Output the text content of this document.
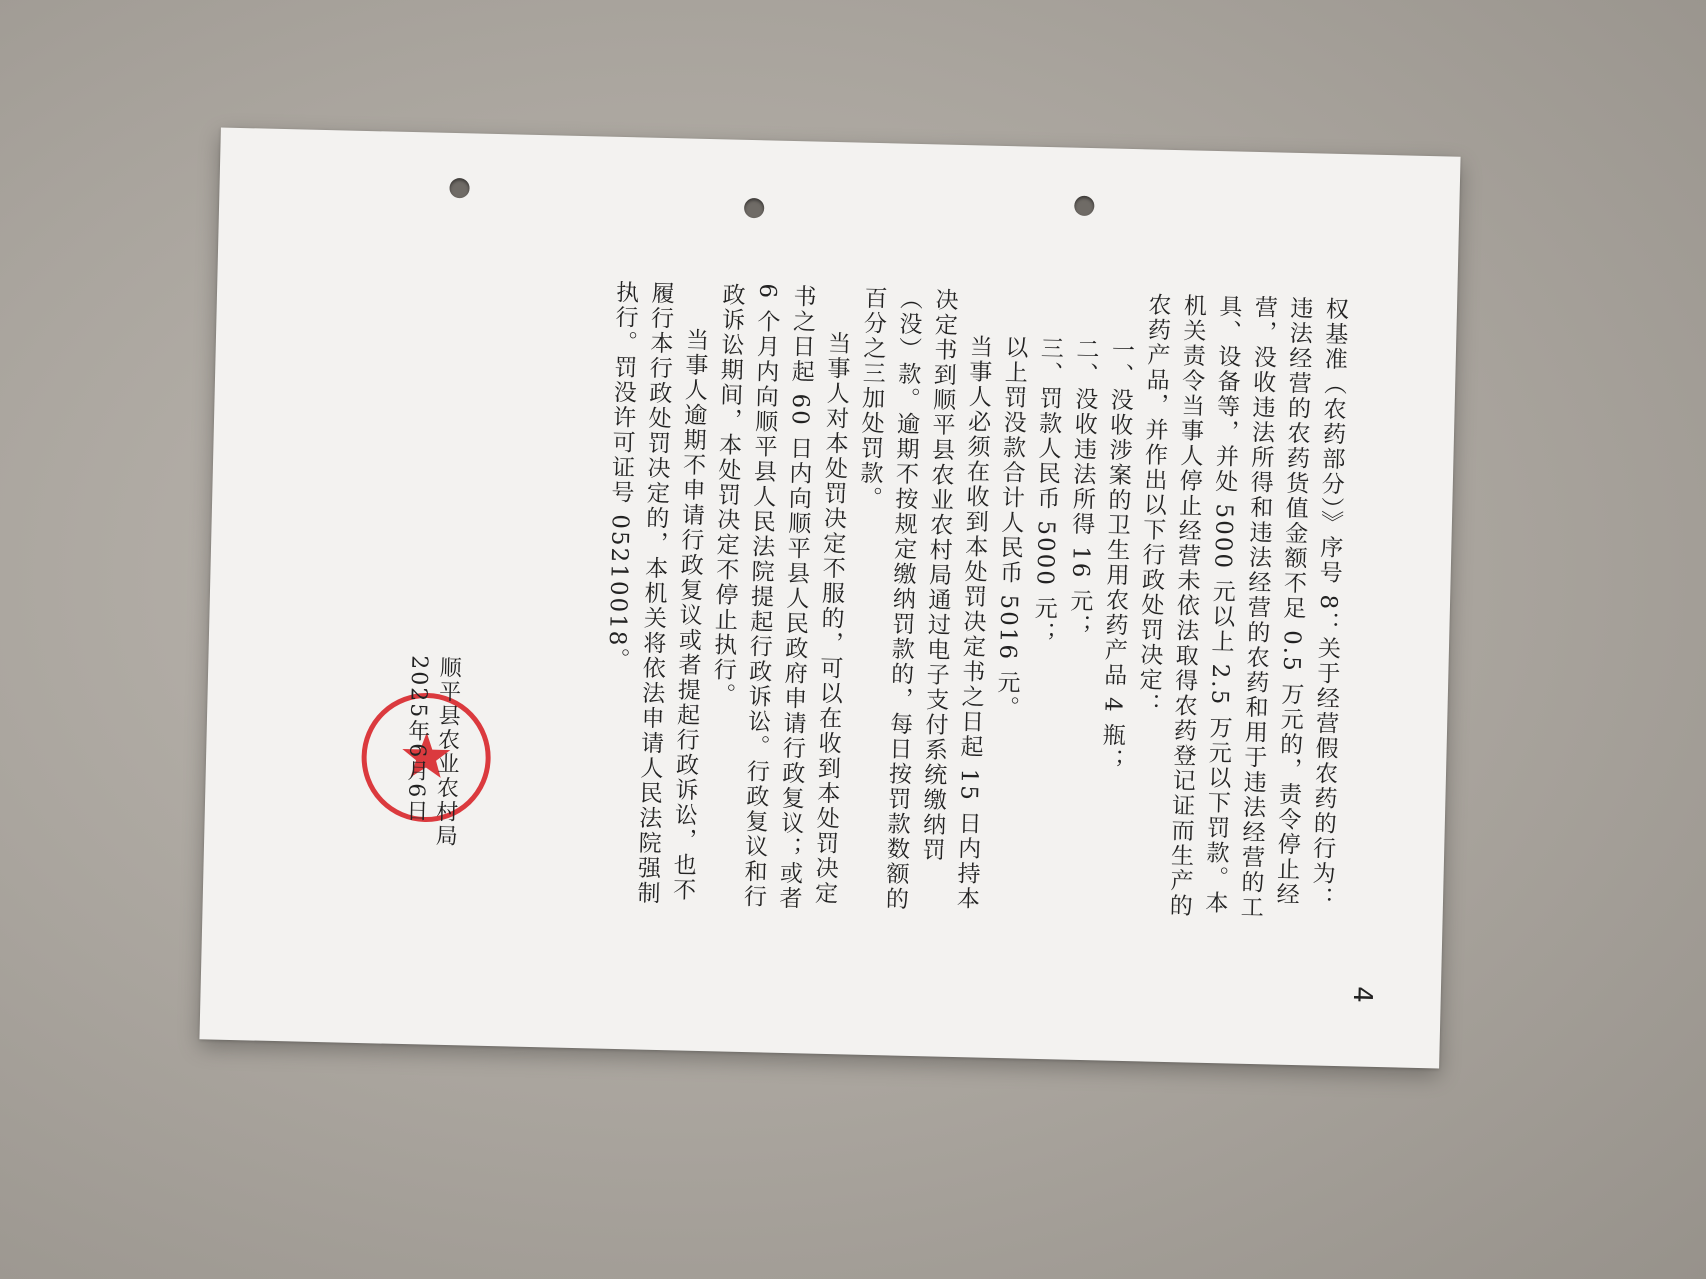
权基准（农药部分）》序号 8：关于经营假农药的行为：违法经营的农药货值金额不足 0.5 万元的，责令停止经营，没收违法所得和违法经营的农药和用于违法经营的工具、设备等，并处 5000 元以上 2.5 万元以下罚款。本机关责令当事人停止经营未依法取得农药登记证而生产的农药产品，并作出以下行政处罚决定：

一、没收涉案的卫生用农药产品 4 瓶；

二、没收违法所得 16 元；

三、罚款人民币 5000 元；

以上罚没款合计人民币 5016 元。

当事人必须在收到本处罚决定书之日起 15 日内持本决定书到顺平县农业农村局通过电子支付系统缴纳罚（没）款。逾期不按规定缴纳罚款的，每日按罚款数额的百分之三加处罚款。

当事人对本处罚决定不服的，可以在收到本处罚决定书之日起 60 日内向顺平县人民政府申请行政复议；或者 6 个月内向顺平县人民法院提起行政诉讼。行政复议和行政诉讼期间，本处罚决定不停止执行。

当事人逾期不申请行政复议或者提起行政诉讼，也不履行本行政处罚决定的，本机关将依法申请人民法院强制执行。罚没许可证号 05210018。

顺平县农业农村局
2025年6月6日
4
